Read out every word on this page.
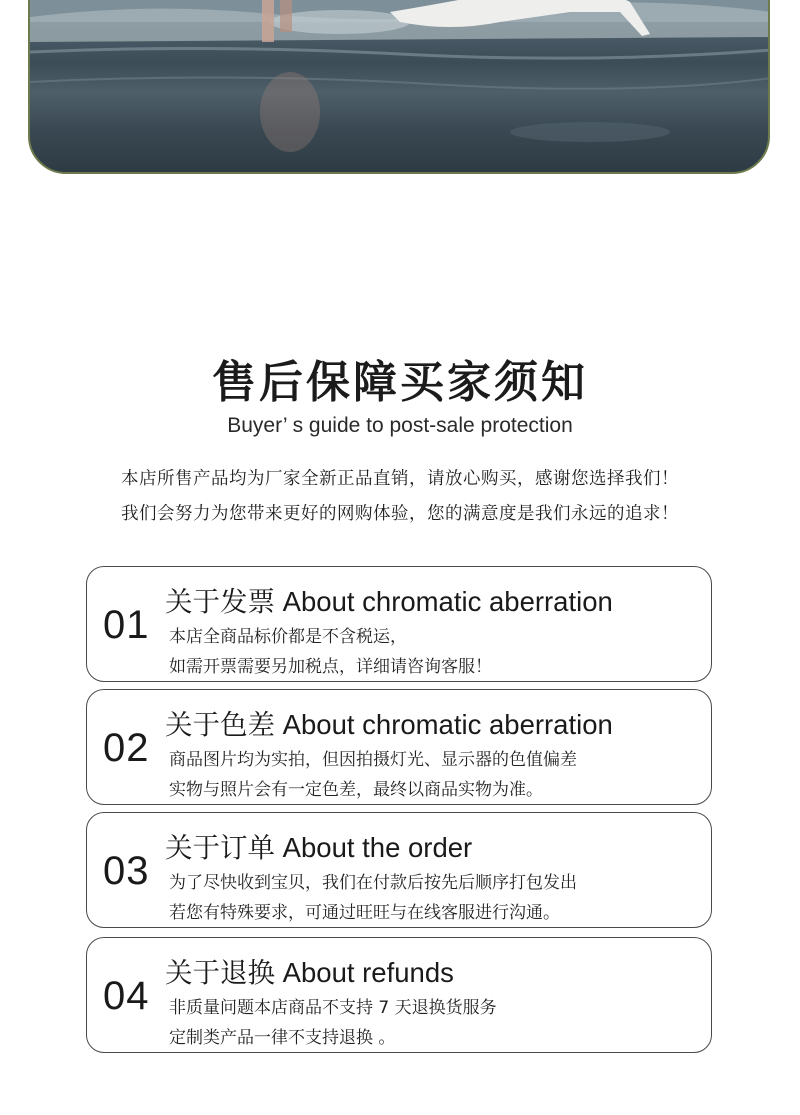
售后保障买家须知
Buyer’ s guide to post-sale protection
本店所售产品均为厂家全新正品直销，请放心购买，感谢您选择我们！
我们会努力为您带来更好的网购体验，您的满意度是我们永远的追求！
01
关于发票 About chromatic aberration
本店全商品标价都是不含税运，
如需开票需要另加税点，详细请咨询客服！
02
关于色差 About chromatic aberration
商品图片均为实拍，但因拍摄灯光、显示器的色值偏差
实物与照片会有一定色差，最终以商品实物为准。
03
关于订单 About the order
为了尽快收到宝贝，我们在付款后按先后顺序打包发出
若您有特殊要求，可通过旺旺与在线客服进行沟通。
04
关于退换 About refunds
非质量问题本店商品不支持 7 天退换货服务
定制类产品一律不支持退换 。
